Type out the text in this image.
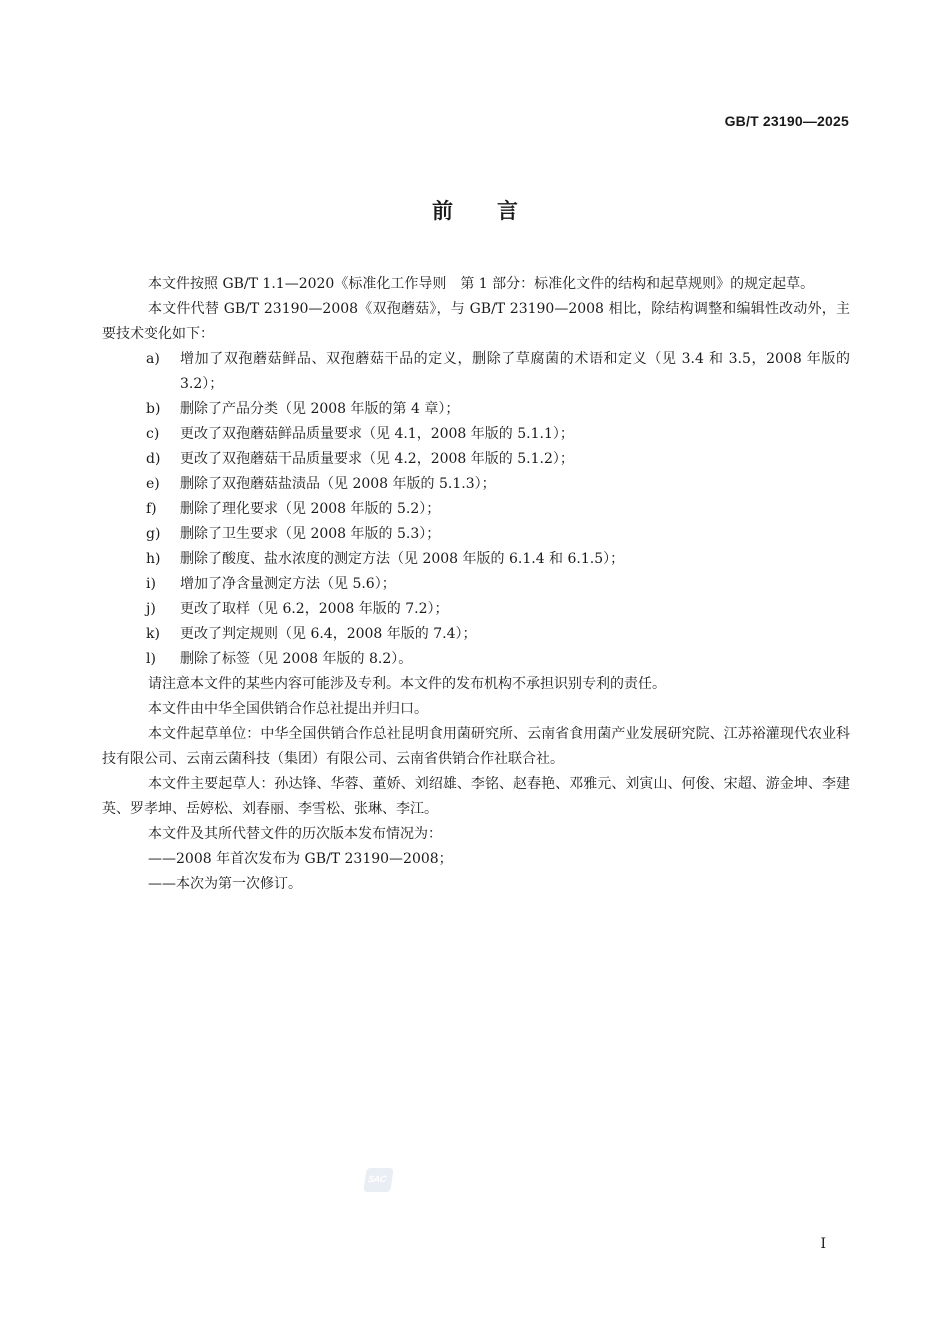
GB/T 23190—2025
前言

本文件按照 GB/T 1.1—2020《标准化工作导则　第 1 部分：标准化文件的结构和起草规则》的规定起草。

本文件代替 GB/T 23190—2008《双孢蘑菇》，与 GB/T 23190—2008 相比，除结构调整和编辑性改动外，主要技术变化如下：

a)	增加了双孢蘑菇鲜品、双孢蘑菇干品的定义，删除了草腐菌的术语和定义（见 3.4 和 3.5，2008 年版的 3.2）；
b)	删除了产品分类（见 2008 年版的第 4 章）；
c)	更改了双孢蘑菇鲜品质量要求（见 4.1，2008 年版的 5.1.1）；
d)	更改了双孢蘑菇干品质量要求（见 4.2，2008 年版的 5.1.2）；
e)	删除了双孢蘑菇盐渍品（见 2008 年版的 5.1.3）；
f)	删除了理化要求（见 2008 年版的 5.2）；
g)	删除了卫生要求（见 2008 年版的 5.3）；
h)	删除了酸度、盐水浓度的测定方法（见 2008 年版的 6.1.4 和 6.1.5）；
i)	增加了净含量测定方法（见 5.6）；
j)	更改了取样（见 6.2，2008 年版的 7.2）；
k)	更改了判定规则（见 6.4，2008 年版的 7.4）；
l)	删除了标签（见 2008 年版的 8.2）。

请注意本文件的某些内容可能涉及专利。本文件的发布机构不承担识别专利的责任。

本文件由中华全国供销合作总社提出并归口。

本文件起草单位：中华全国供销合作总社昆明食用菌研究所、云南省食用菌产业发展研究院、江苏裕灌现代农业科技有限公司、云南云菌科技（集团）有限公司、云南省供销合作社联合社。

本文件主要起草人：孙达锋、华蓉、董娇、刘绍雄、李铭、赵春艳、邓雅元、刘寅山、何俊、宋超、游金坤、李建英、罗孝坤、岳婷松、刘春丽、李雪松、张琳、李江。

本文件及其所代替文件的历次版本发布情况为：

——2008 年首次发布为 GB/T 23190—2008；

——本次为第一次修订。

SAC
I
